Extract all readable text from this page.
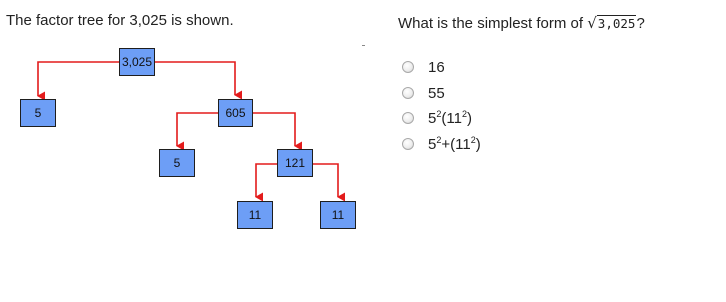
The factor tree for 3,025 is shown.
3,025
5	605
5	121
11	11
What is the simplest form of √3,025?
16
55
$5^2(11^2)$
$5^2+(11^2)$
